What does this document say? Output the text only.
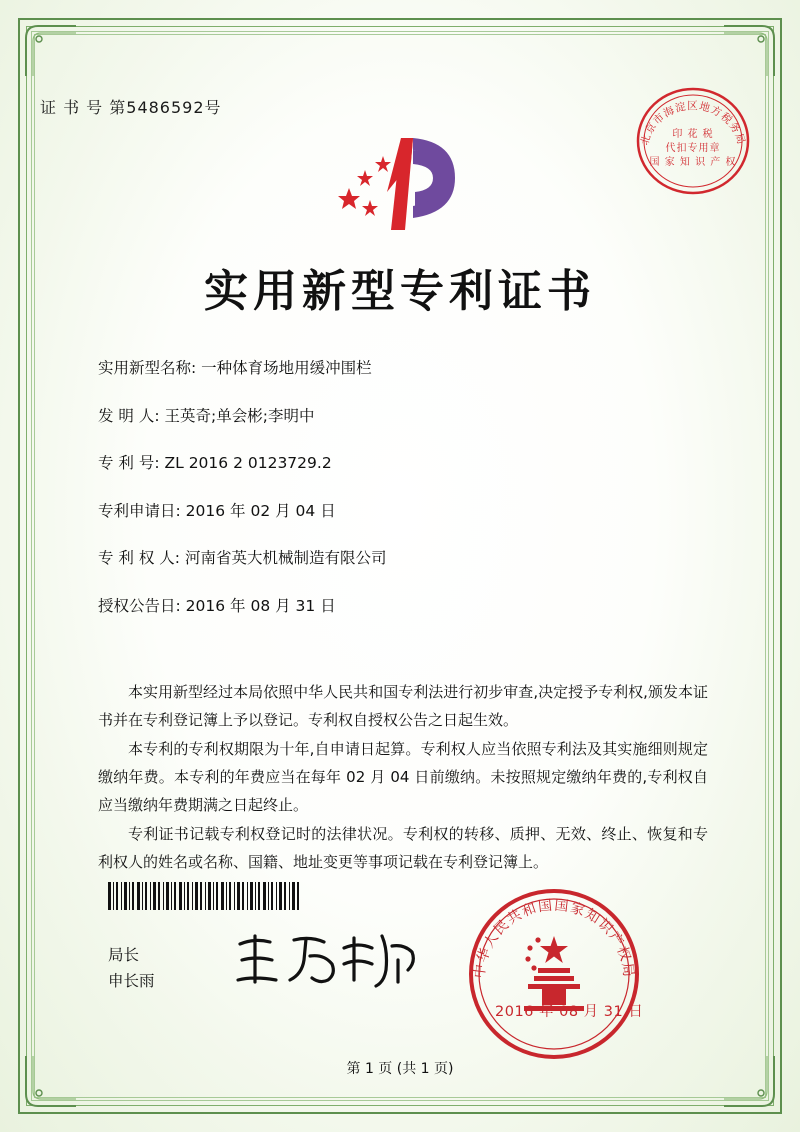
证 书 号 第5486592号
北京市海淀区地方税务局
印 花 税
代扣专用章
国 家 知 识 产 权
实用新型专利证书
实用新型名称: 一种体育场地用缓冲围栏
发 明 人: 王英奇;单会彬;李明中
专 利 号: ZL 2016 2 0123729.2
专利申请日: 2016 年 02 月 04 日
专 利 权 人: 河南省英大机械制造有限公司
授权公告日: 2016 年 08 月 31 日

本实用新型经过本局依照中华人民共和国专利法进行初步审查,决定授予专利权,颁发本证书并在专利登记簿上予以登记。专利权自授权公告之日起生效。

本专利的专利权期限为十年,自申请日起算。专利权人应当依照专利法及其实施细则规定缴纳年费。本专利的年费应当在每年 02 月 04 日前缴纳。未按照规定缴纳年费的,专利权自应当缴纳年费期满之日起终止。

专利证书记载专利权登记时的法律状况。专利权的转移、质押、无效、终止、恢复和专利权人的姓名或名称、国籍、地址变更等事项记载在专利登记簿上。

局长
申长雨
中华人民共和国国家知识产权局
2016 年 08 月 31 日
第 1 页 (共 1 页)
